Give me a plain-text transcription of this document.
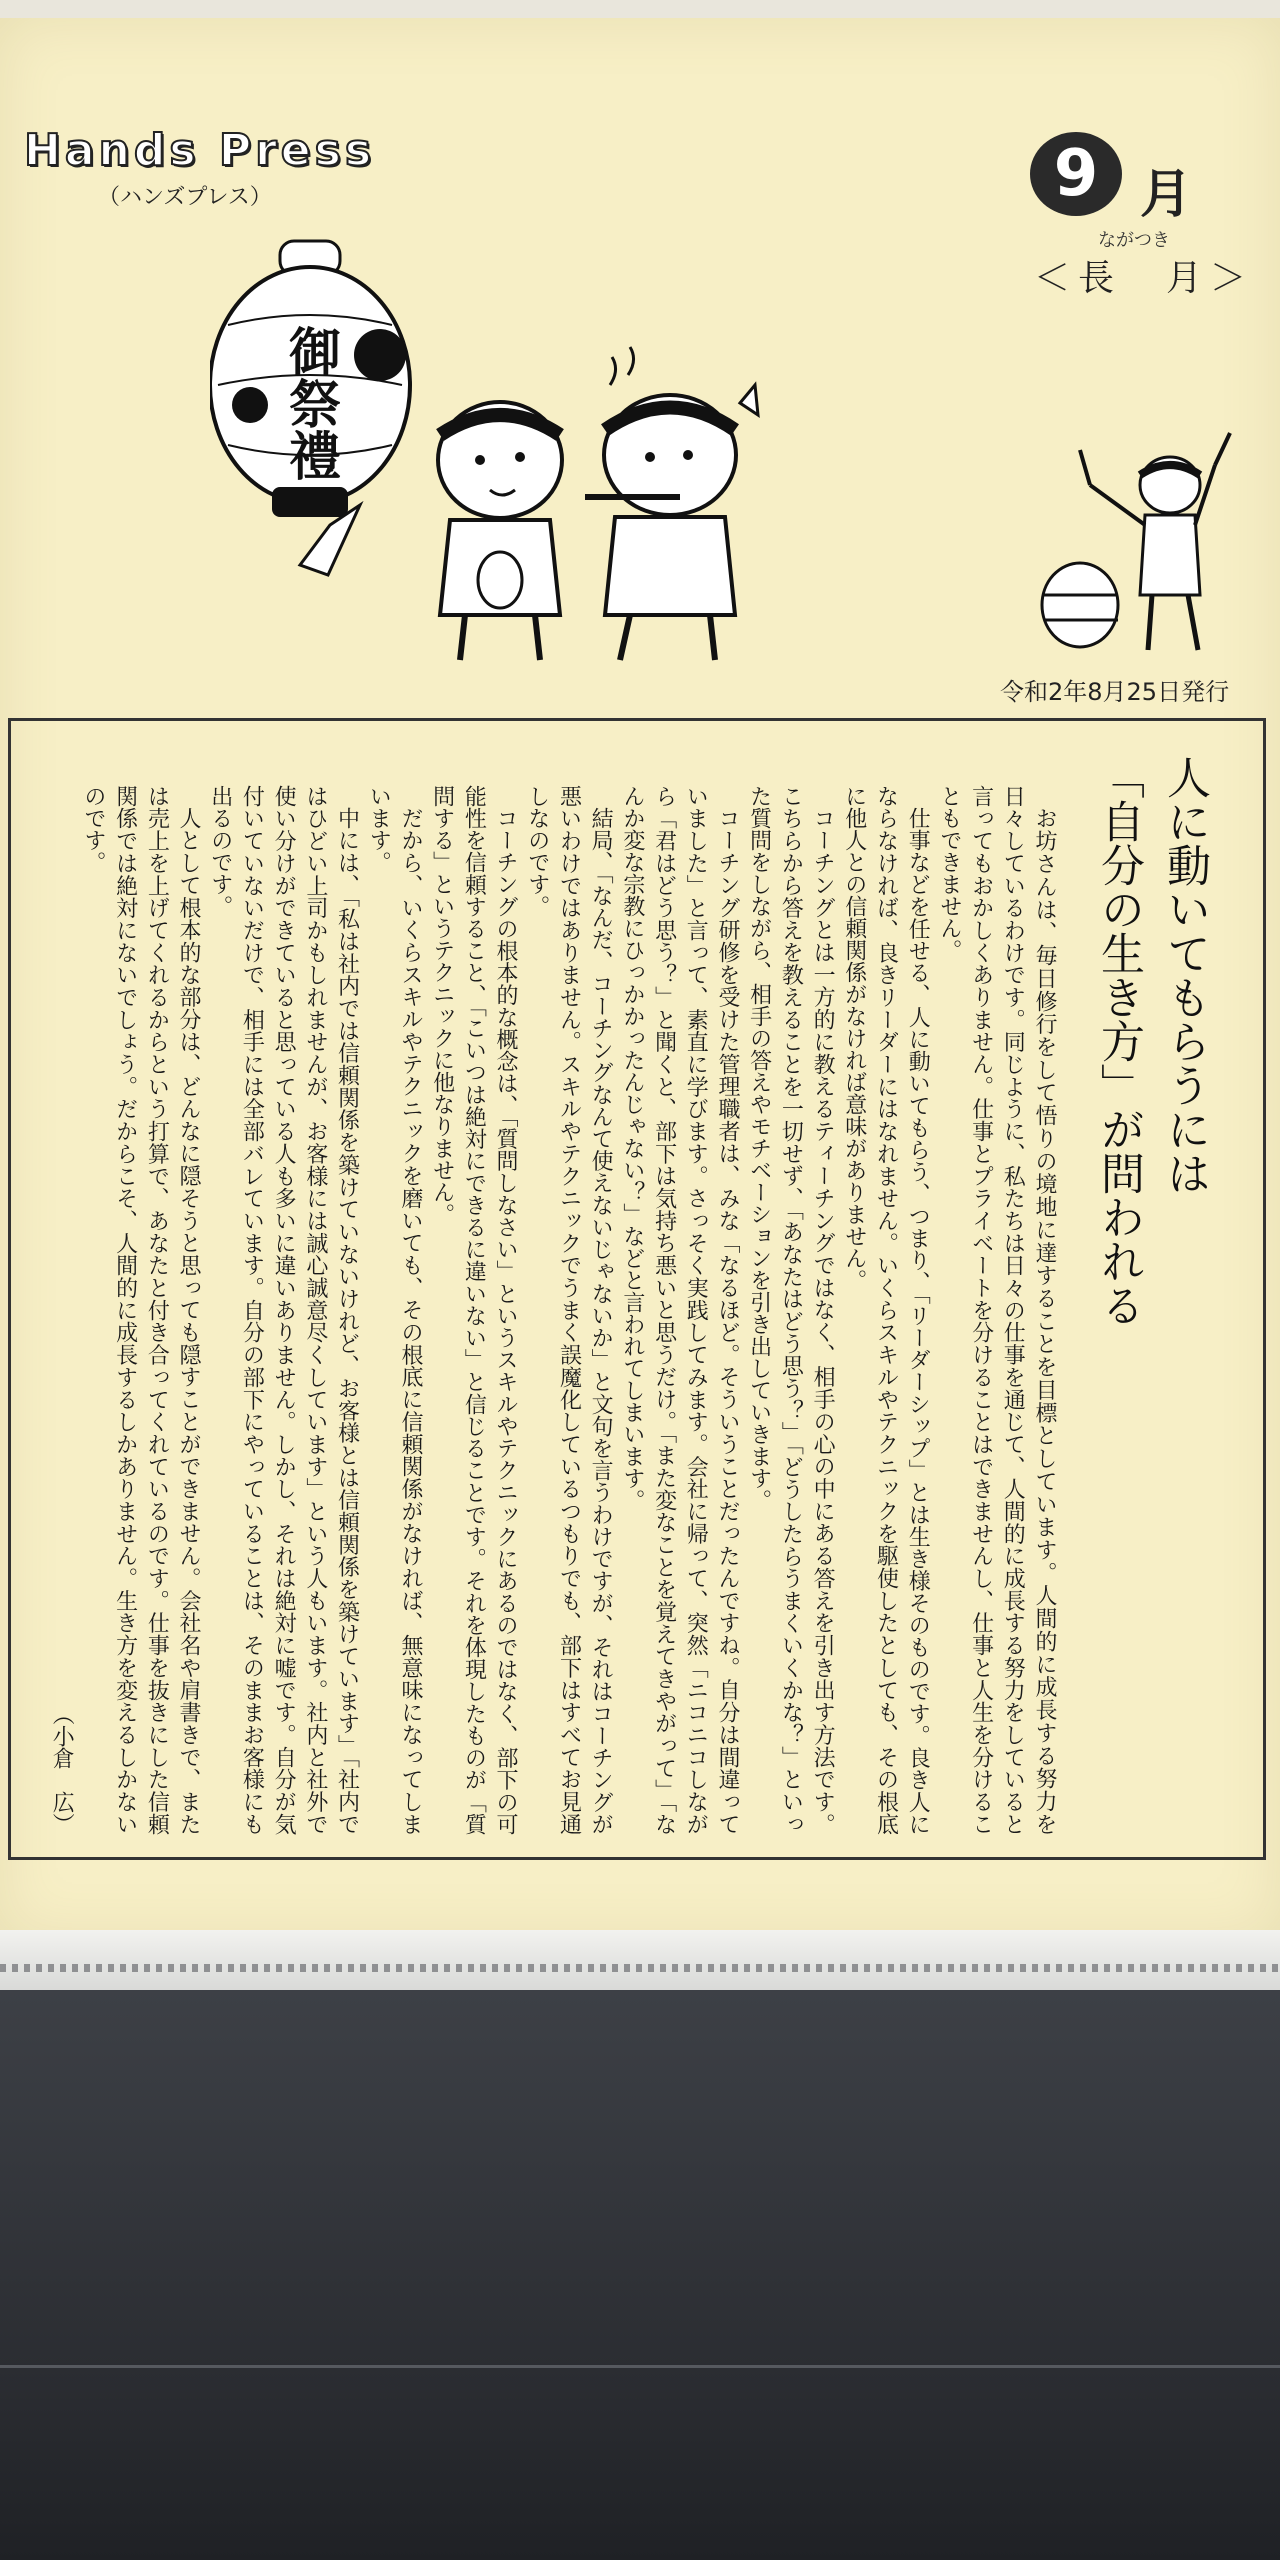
Hands Press
（ハンズプレス）	9 月
ながつき
＜長　月＞
御祭禮
令和2年8月25日発行
人に動いてもらうには
「自分の生き方」が問われる

お坊さんは、毎日修行をして悟りの境地に達することを目標としています。人間的に成長する努力を日々しているわけです。同じように、私たちは日々の仕事を通じて、人間的に成長する努力をしていると言ってもおかしくありません。仕事とプライベートを分けることはできませんし、仕事と人生を分けることもできません。

仕事などを任せる、人に動いてもらう、つまり、「リーダーシップ」とは生き様そのものです。良き人にならなければ、良きリーダーにはなれません。いくらスキルやテクニックを駆使したとしても、その根底に他人との信頼関係がなければ意味がありません。

コーチングとは一方的に教えるティーチングではなく、相手の心の中にある答えを引き出す方法です。こちらから答えを教えることを一切せず、「あなたはどう思う？」「どうしたらうまくいくかな？」といった質問をしながら、相手の答えやモチベーションを引き出していきます。

コーチング研修を受けた管理職者は、みな「なるほど。そういうことだったんですね。自分は間違っていました」と言って、素直に学びます。さっそく実践してみます。会社に帰って、突然「ニコニコしながら「君はどう思う？」と聞くと、部下は気持ち悪いと思うだけ。「また変なことを覚えてきやがって」「なんか変な宗教にひっかかったんじゃない？」などと言われてしまいます。

結局、「なんだ、コーチングなんて使えないじゃないか」と文句を言うわけですが、それはコーチングが悪いわけではありません。スキルやテクニックでうまく誤魔化しているつもりでも、部下はすべてお見通しなのです。

コーチングの根本的な概念は、「質問しなさい」というスキルやテクニックにあるのではなく、部下の可能性を信頼すること、「こいつは絶対にできるに違いない」と信じることです。それを体現したものが「質問する」というテクニックに他なりません。

だから、いくらスキルやテクニックを磨いても、その根底に信頼関係がなければ、無意味になってしまいます。

中には、「私は社内では信頼関係を築けていないけれど、お客様とは信頼関係を築けています」「社内ではひどい上司かもしれませんが、お客様には誠心誠意尽くしています」という人もいます。社内と社外で使い分けができていると思っている人も多いに違いありません。しかし、それは絶対に嘘です。自分が気付いていないだけで、相手には全部バレています。自分の部下にやっていることは、そのままお客様にも出るのです。

人として根本的な部分は、どんなに隠そうと思っても隠すことができません。会社名や肩書きで、または売上を上げてくれるからという打算で、あなたと付き合ってくれているのです。仕事を抜きにした信頼関係では絶対にないでしょう。だからこそ、人間的に成長するしかありません。生き方を変えるしかないのです。

（小倉　広）
